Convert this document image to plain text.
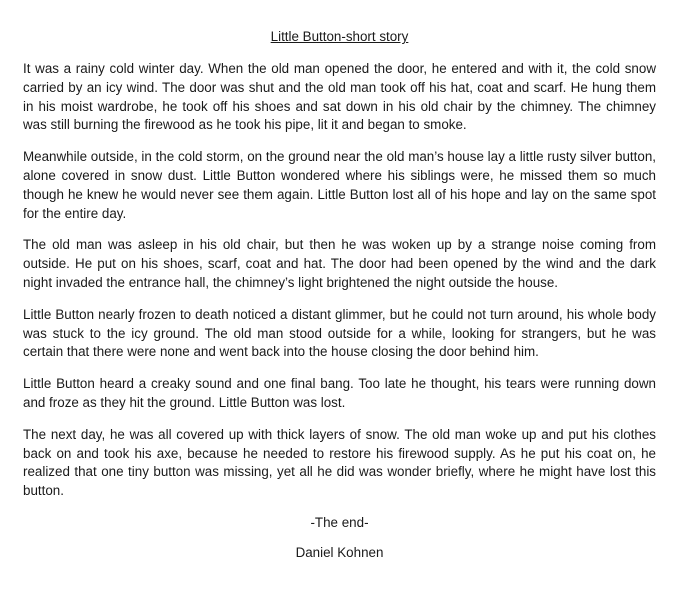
Little Button-short story

It was a rainy cold winter day. When the old man opened the door, he entered and with it, the cold snow carried by an icy wind. The door was shut and the old man took off his hat, coat and scarf. He hung them in his moist wardrobe, he took off his shoes and sat down in his old chair by the chimney. The chimney was still burning the firewood as he took his pipe, lit it and began to smoke.

Meanwhile outside, in the cold storm, on the ground near the old man’s house lay a little rusty silver button, alone covered in snow dust. Little Button wondered where his siblings were, he missed them so much though he knew he would never see them again. Little Button lost all of his hope and lay on the same spot for the entire day.

The old man was asleep in his old chair, but then he was woken up by a strange noise coming from outside. He put on his shoes, scarf, coat and hat. The door had been opened by the wind and the dark night invaded the entrance hall, the chimney’s light brightened the night outside the house.

Little Button nearly frozen to death noticed a distant glimmer, but he could not turn around, his whole body was stuck to the icy ground. The old man stood outside for a while, looking for strangers, but he was certain that there were none and went back into the house closing the door behind him.

Little Button heard a creaky sound and one final bang. Too late he thought, his tears were running down and froze as they hit the ground. Little Button was lost.

The next day, he was all covered up with thick layers of snow. The old man woke up and put his clothes back on and took his axe, because he needed to restore his firewood supply. As he put his coat on, he realized that one tiny button was missing, yet all he did was wonder briefly, where he might have lost this button.

-The end-
Daniel Kohnen
